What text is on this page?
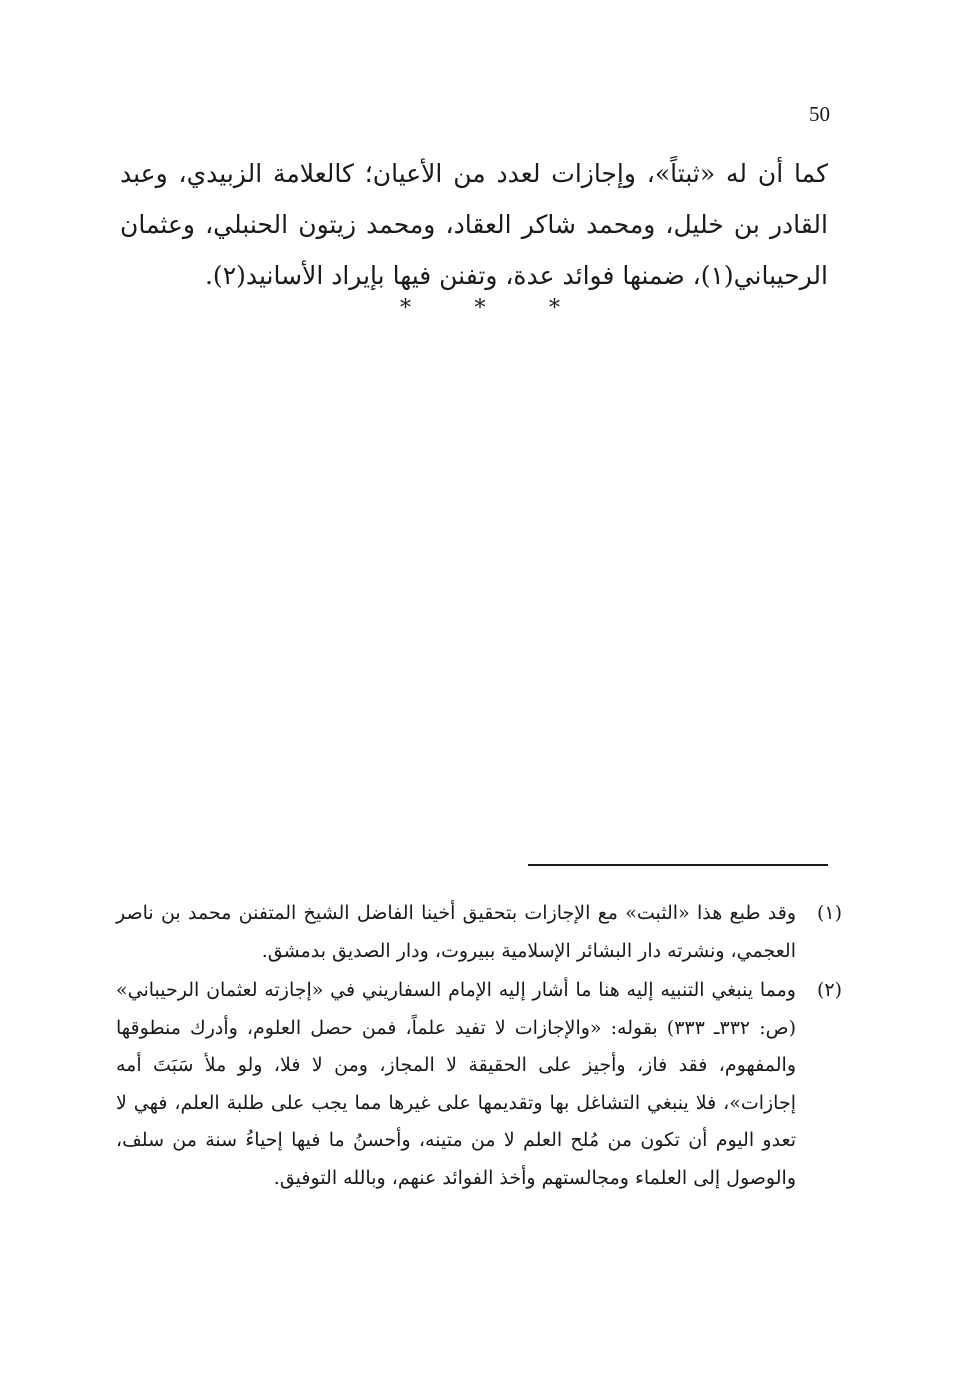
50

كما أن له «ثبتاً»، وإجازات لعدد من الأعيان؛ كالعلامة الزبيدي، وعبد القادر بن خليل، ومحمد شاكر العقاد، ومحمد زيتون الحنبلي، وعثمان الرحيباني(١)، ضمنها فوائد عدة، وتفنن فيها بإيراد الأسانيد(٢).

*	*	*
(١)
وقد طبع هذا «الثبت» مع الإجازات بتحقيق أخينا الفاضل الشيخ المتفنن محمد بن ناصر العجمي، ونشرته دار البشائر الإسلامية ببيروت، ودار الصديق بدمشق.
(٢)
ومما ينبغي التنبيه إليه هنا ما أشار إليه الإمام السفاريني في «إجازته لعثمان الرحيباني» (ص: ٣٣٢ـ ٣٣٣) بقوله: «والإجازات لا تفيد علماً، فمن حصل العلوم، وأدرك منطوقها والمفهوم، فقد فاز، وأجيز على الحقيقة لا المجاز، ومن لا فلا، ولو ملأ سَبَتَ أمه إجازات»، فلا ينبغي التشاغل بها وتقديمها على غيرها مما يجب على طلبة العلم، فهي لا تعدو اليوم أن تكون من مُلح العلم لا من متينه، وأحسنُ ما فيها إحياءُ سنة من سلف، والوصول إلى العلماء ومجالستهم وأخذ الفوائد عنهم، وبالله التوفيق.
